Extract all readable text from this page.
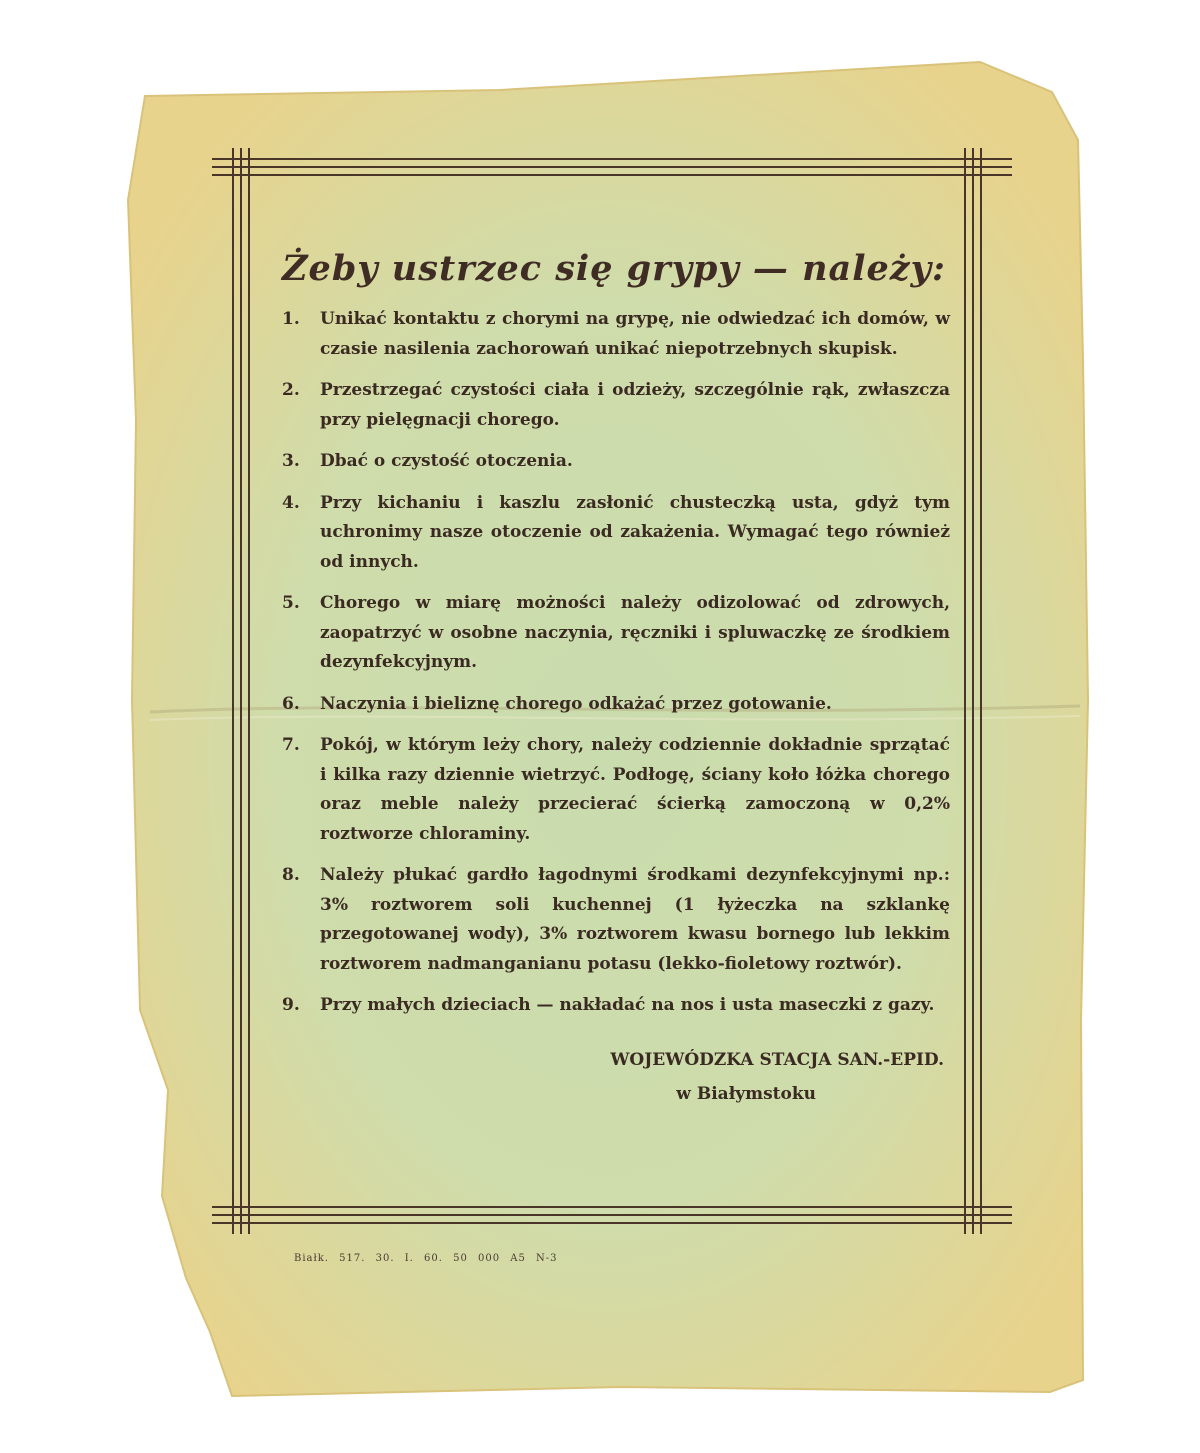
Żeby ustrzec się grypy — należy:
1.	Unikać kontaktu z chorymi na grypę, nie odwiedzać ich domów, w czasie nasilenia zachorowań unikać niepotrzebnych skupisk.
2.	Przestrzegać czystości ciała i odzieży, szczególnie rąk, zwłaszcza przy pielęgnacji chorego.
3.	Dbać o czystość otoczenia.
4.	Przy kichaniu i kaszlu zasłonić chusteczką usta, gdyż tym uchronimy nasze otoczenie od zakażenia. Wymagać tego również od innych.
5.	Chorego w miarę możności należy odizolować od zdrowych, zaopatrzyć w osobne naczynia, ręczniki i spluwaczkę ze środkiem dezynfekcyjnym.
6.	Naczynia i bieliznę chorego odkażać przez gotowanie.
7.	Pokój, w którym leży chory, należy codziennie dokładnie sprzątać i kilka razy dziennie wietrzyć. Podłogę, ściany koło łóżka chorego oraz meble należy przecierać ścierką zamoczoną w 0,2% roztworze chloraminy.
8.	Należy płukać gardło łagodnymi środkami dezynfekcyjnymi np.: 3% roztworem soli kuchennej (1 łyżeczka na szklankę przegotowanej wody), 3% roztworem kwasu bornego lub lekkim roztworem nadmanganianu potasu (lekko-fioletowy roztwór).
9.	Przy małych dzieciach — nakładać na nos i usta maseczki z gazy.
WOJEWÓDZKA STACJA SAN.-EPID.
w Białymstoku
Białk. 517. 30. I. 60. 50 000 A5 N-3
